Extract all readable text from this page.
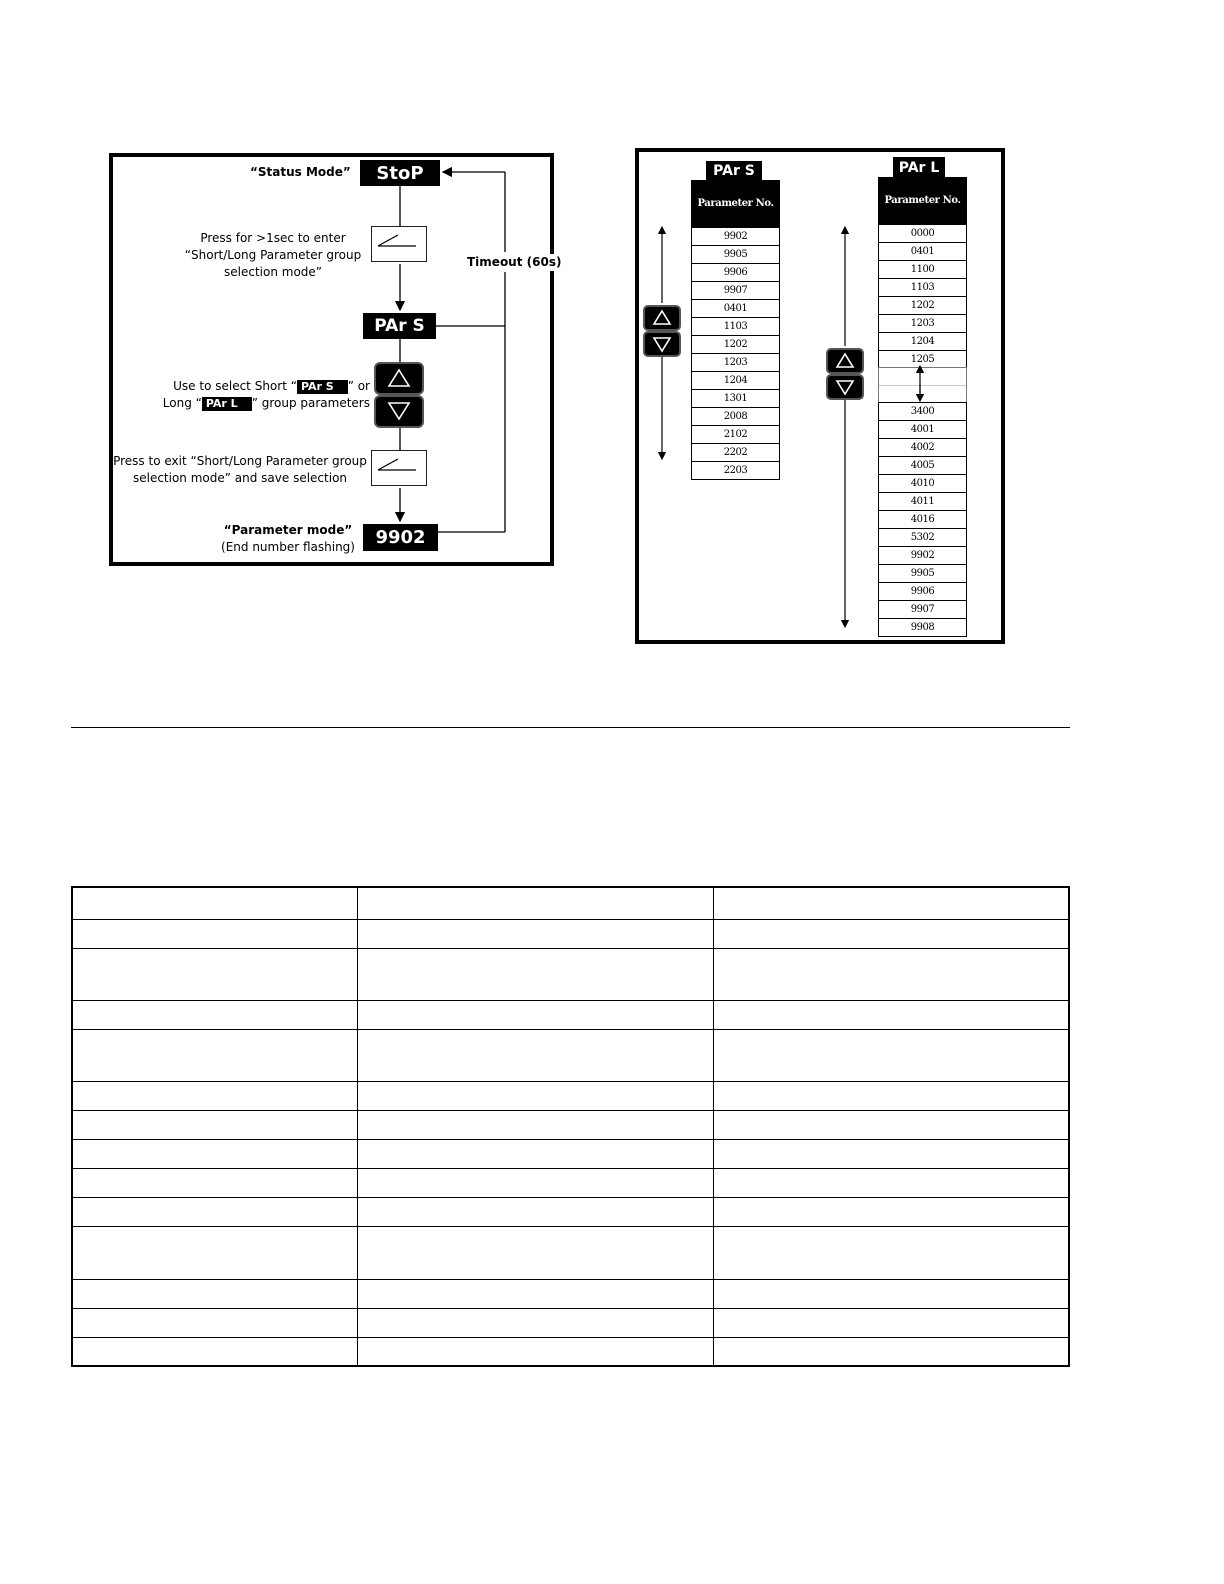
“Status Mode”	StoP
Press for >1sec to enter
“Short/Long Parameter group
selection mode”
Timeout (60s)
PAr S
Use to select Short “ PAr S ” or
Long “ PAr L ” group parameters
Press to exit “Short/Long Parameter group
selection mode” and save selection
“Parameter mode”
(End number flashing)	9902
PAr S
Parameter No.
9902
9905
9906
9907
0401
1103
1202
1203
1204
1301
2008
2102
2202
2203
PAr L
Parameter No.
0000
0401
1100
1103
1202
1203
1204
1205
3400
4001
4002
4005
4010
4011
4016
5302
9902
9905
9906
9907
9908
